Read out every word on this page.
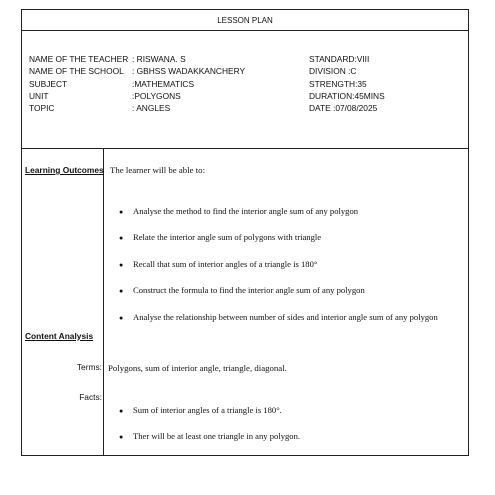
LESSON PLAN
NAME OF THE TEACHER
NAME OF THE SCHOOL
SUBJECT
UNIT
TOPIC
: RISWANA. S
: GBHSS WADAKKANCHERY
:MATHEMATICS
:POLYGONS
: ANGLES
STANDARD:VIII
DIVISION :C
STRENGTH:35
DURATION:45MINS
DATE :07/08/2025
Learning Outcomes The learner will be able to:
● Analyse the method to find the interior angle sum of any polygon
● Relate the interior angle sum of polygons with triangle
● Recall that sum of interior angles of a triangle is 180°
● Construct the formula to find the interior angle sum of any polygon
● Analyse the relationship between number of sides and interior angle sum of any polygon
Content Analysis
Terms: Polygons, sum of interior angle, triangle, diagonal.
Facts:
● Sum of interior angles of a triangle is 180°.
● Ther will be at least one triangle in any polygon.
